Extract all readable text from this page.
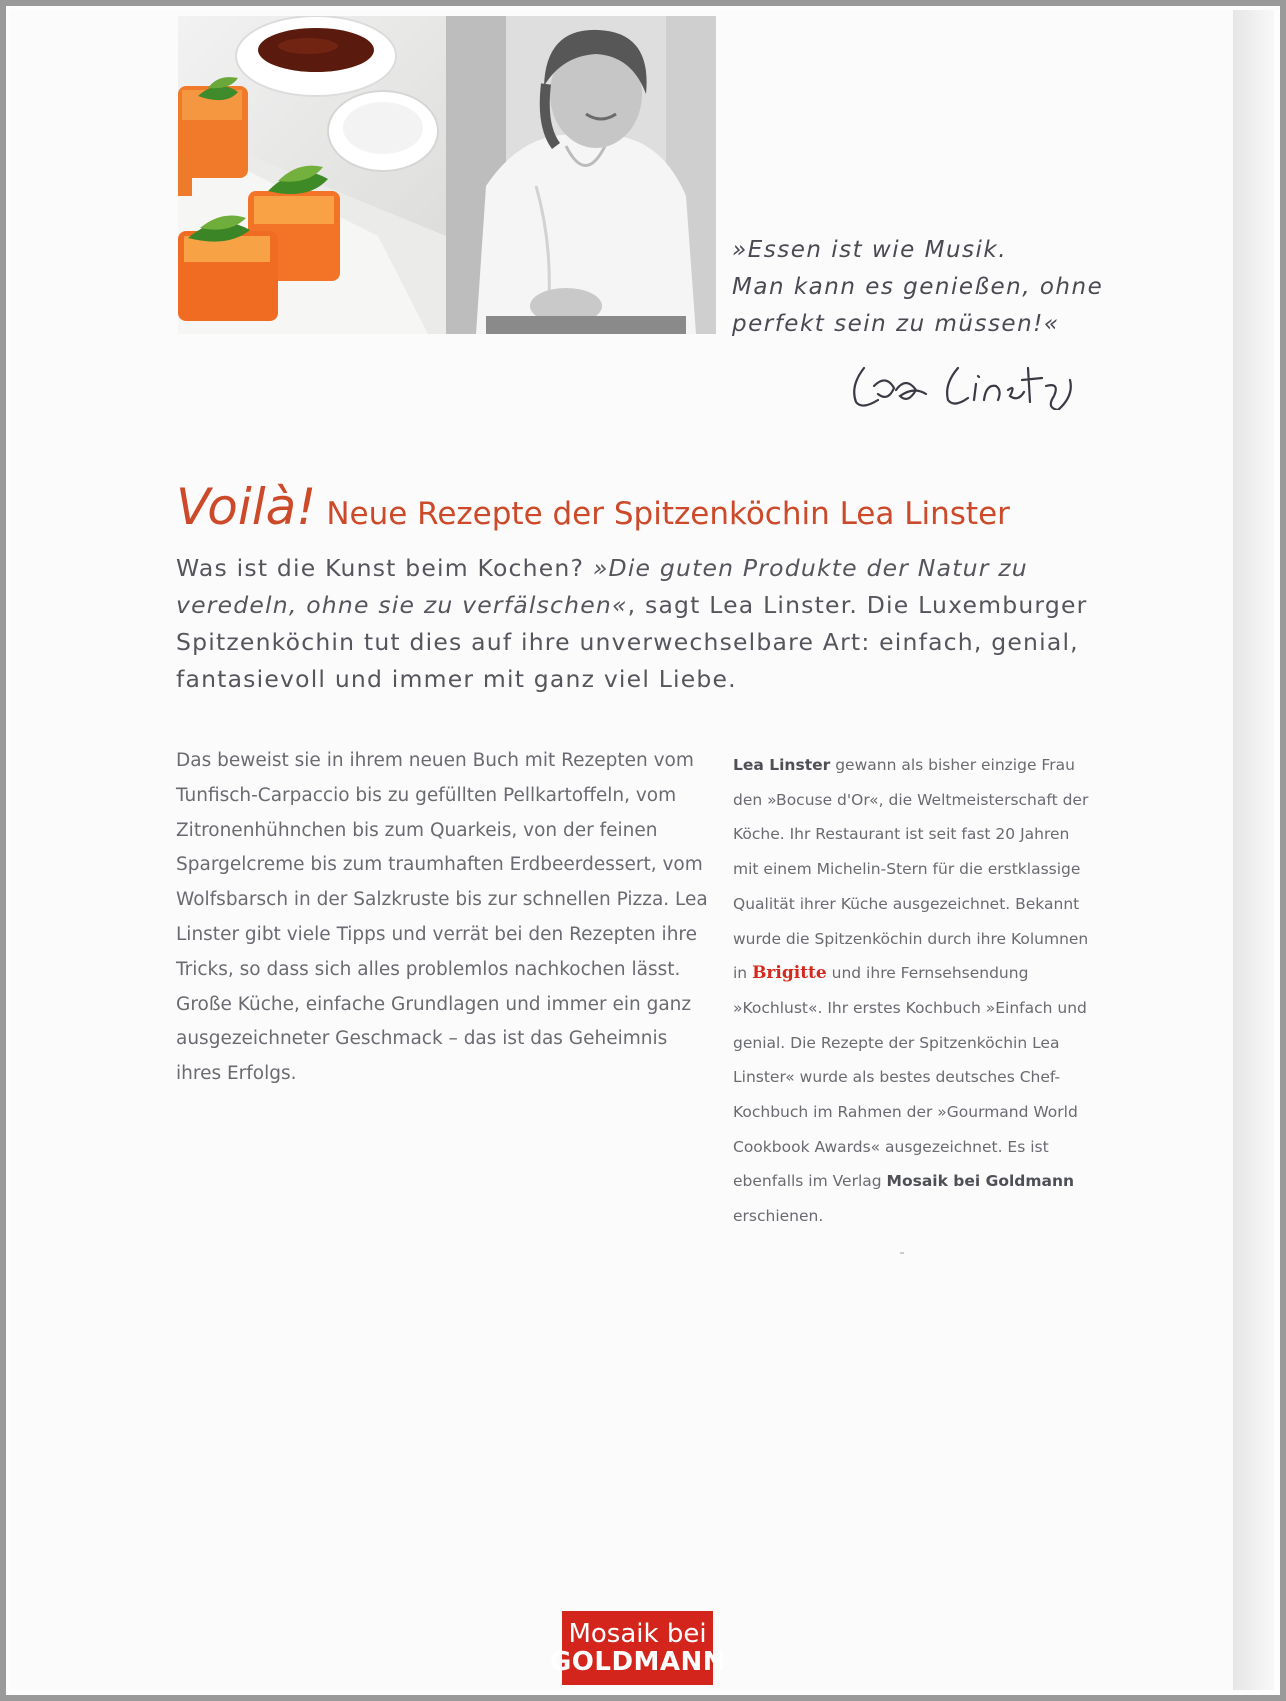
»Essen ist wie Musik.
Man kann es genießen, ohne
perfekt sein zu müssen!«

Voilà! Neue Rezepte der Spitzenköchin Lea Linster

Was ist die Kunst beim Kochen? »Die guten Produkte der Natur zu veredeln, ohne sie zu verfälschen«, sagt Lea Linster. Die Luxemburger Spitzenköchin tut dies auf ihre unverwechselbare Art: einfach, genial, fantasievoll und immer mit ganz viel Liebe.

Das beweist sie in ihrem neuen Buch mit Rezepten vom Tunfisch-Carpaccio bis zu gefüllten Pellkartoffeln, vom Zitronenhühnchen bis zum Quarkeis, von der feinen Spargelcreme bis zum traumhaften Erdbeerdessert, vom Wolfsbarsch in der Salzkruste bis zur schnellen Pizza. Lea Linster gibt viele Tipps und verrät bei den Rezepten ihre Tricks, so dass sich alles problemlos nachkochen lässt. Große Küche, einfache Grundlagen und immer ein ganz ausgezeichneter Geschmack – das ist das Geheimnis ihres Erfolgs.

Lea Linster gewann als bisher einzige Frau den »Bocuse d'Or«, die Weltmeisterschaft der Köche. Ihr Restaurant ist seit fast 20 Jahren mit einem Michelin-Stern für die erstklassige Qualität ihrer Küche ausgezeichnet. Bekannt wurde die Spitzenköchin durch ihre Kolumnen in Brigitte und ihre Fernsehsendung »Kochlust«. Ihr erstes Kochbuch »Einfach und genial. Die Rezepte der Spitzenköchin Lea Linster« wurde als bestes deutsches Chef-Kochbuch im Rahmen der »Gourmand World Cookbook Awards« ausgezeichnet. Es ist ebenfalls im Verlag Mosaik bei Goldmann erschienen.

Mosaik bei
GOLDMANN
